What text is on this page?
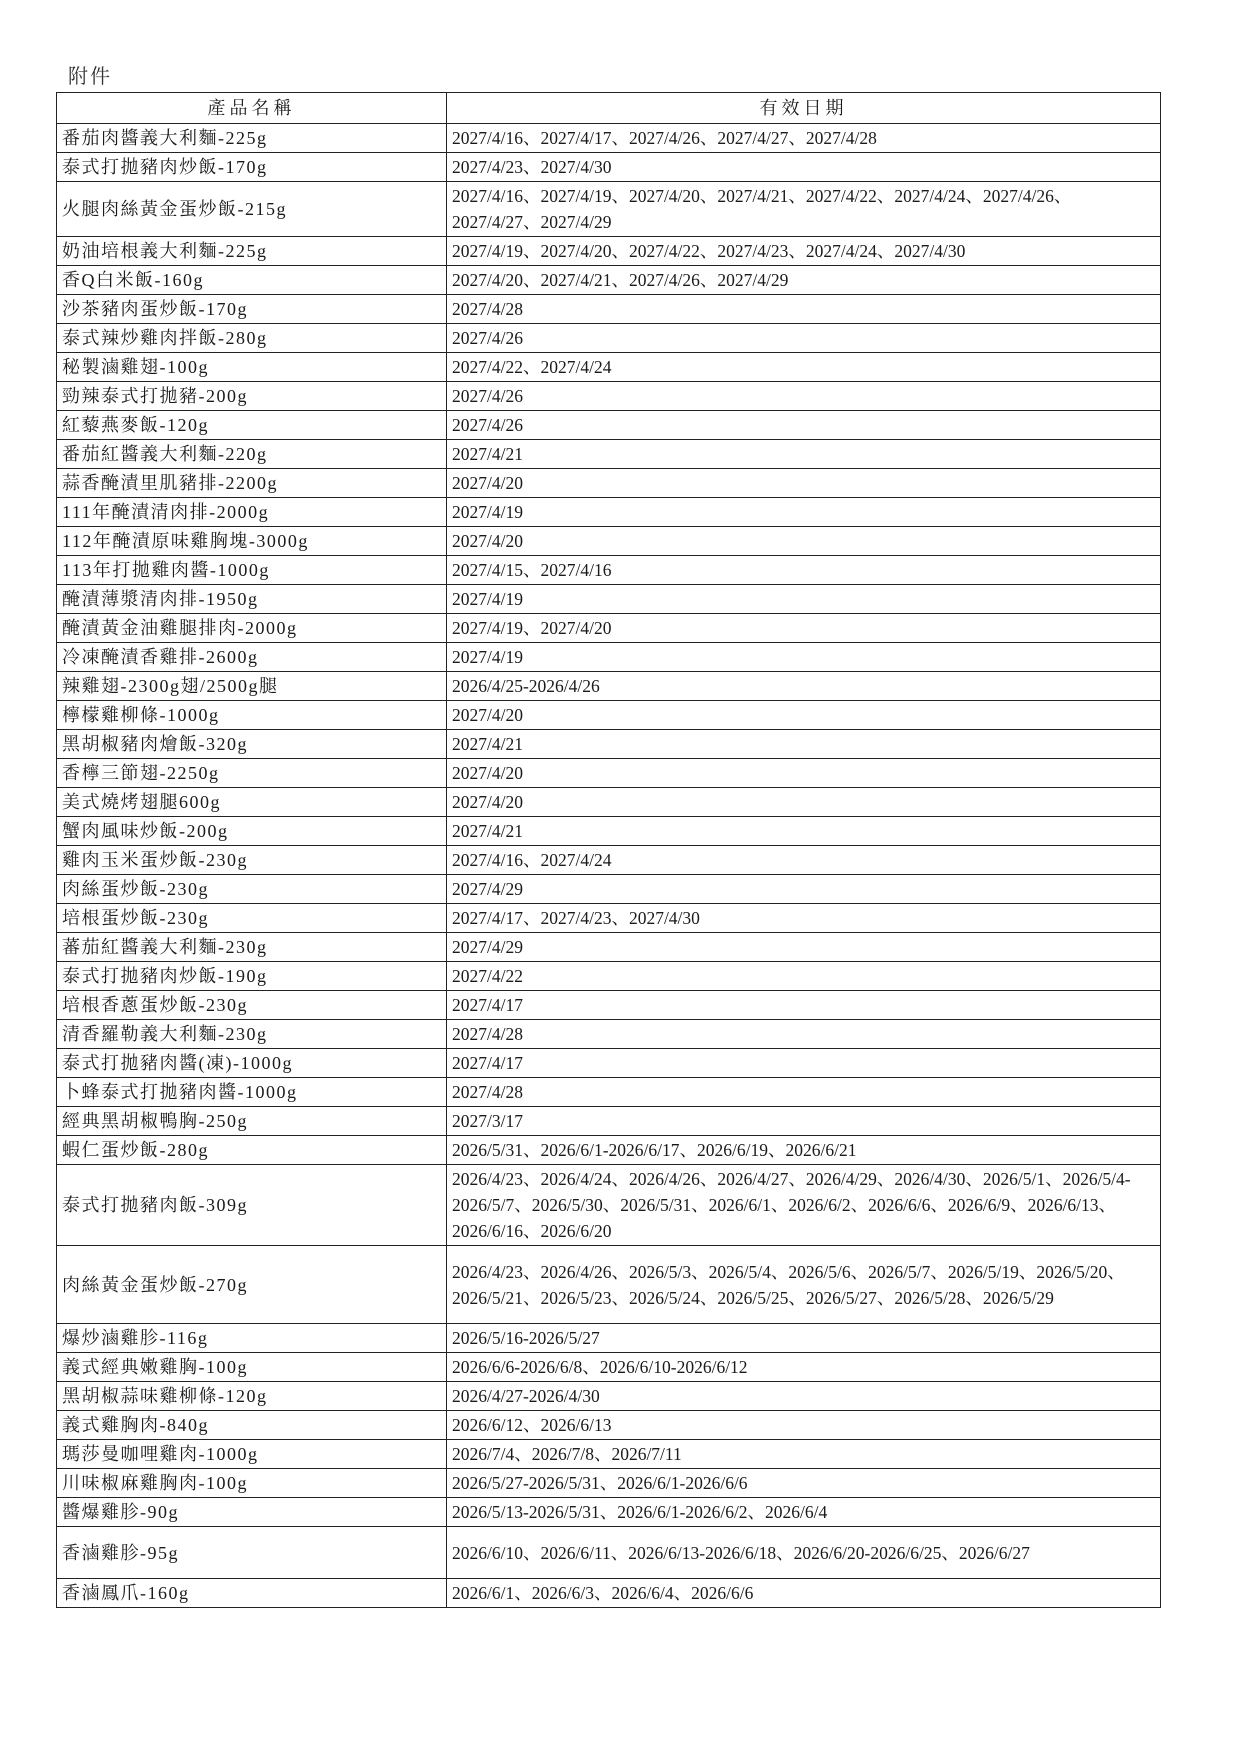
附件
產品名稱	有效日期
番茄肉醬義大利麵-225g	2027/4/16、2027/4/17、2027/4/26、2027/4/27、2027/4/28
泰式打拋豬肉炒飯-170g	2027/4/23、2027/4/30
火腿肉絲黃金蛋炒飯-215g	2027/4/16、2027/4/19、2027/4/20、2027/4/21、2027/4/22、2027/4/24、2027/4/26、2027/4/27、2027/4/29
奶油培根義大利麵-225g	2027/4/19、2027/4/20、2027/4/22、2027/4/23、2027/4/24、2027/4/30
香Q白米飯-160g	2027/4/20、2027/4/21、2027/4/26、2027/4/29
沙茶豬肉蛋炒飯-170g	2027/4/28
泰式辣炒雞肉拌飯-280g	2027/4/26
秘製滷雞翅-100g	2027/4/22、2027/4/24
勁辣泰式打拋豬-200g	2027/4/26
紅藜燕麥飯-120g	2027/4/26
番茄紅醬義大利麵-220g	2027/4/21
蒜香醃漬里肌豬排-2200g	2027/4/20
111年醃漬清肉排-2000g	2027/4/19
112年醃漬原味雞胸塊-3000g	2027/4/20
113年打拋雞肉醬-1000g	2027/4/15、2027/4/16
醃漬薄漿清肉排-1950g	2027/4/19
醃漬黃金油雞腿排肉-2000g	2027/4/19、2027/4/20
冷凍醃漬香雞排-2600g	2027/4/19
辣雞翅-2300g翅/2500g腿	2026/4/25-2026/4/26
檸檬雞柳條-1000g	2027/4/20
黑胡椒豬肉燴飯-320g	2027/4/21
香檸三節翅-2250g	2027/4/20
美式燒烤翅腿600g	2027/4/20
蟹肉風味炒飯-200g	2027/4/21
雞肉玉米蛋炒飯-230g	2027/4/16、2027/4/24
肉絲蛋炒飯-230g	2027/4/29
培根蛋炒飯-230g	2027/4/17、2027/4/23、2027/4/30
蕃茄紅醬義大利麵-230g	2027/4/29
泰式打拋豬肉炒飯-190g	2027/4/22
培根香蔥蛋炒飯-230g	2027/4/17
清香羅勒義大利麵-230g	2027/4/28
泰式打拋豬肉醬(凍)-1000g	2027/4/17
卜蜂泰式打拋豬肉醬-1000g	2027/4/28
經典黑胡椒鴨胸-250g	2027/3/17
蝦仁蛋炒飯-280g	2026/5/31、2026/6/1-2026/6/17、2026/6/19、2026/6/21
泰式打拋豬肉飯-309g	2026/4/23、2026/4/24、2026/4/26、2026/4/27、2026/4/29、2026/4/30、2026/5/1、2026/5/4-2026/5/7、2026/5/30、2026/5/31、2026/6/1、2026/6/2、2026/6/6、2026/6/9、2026/6/13、2026/6/16、2026/6/20
肉絲黃金蛋炒飯-270g	2026/4/23、2026/4/26、2026/5/3、2026/5/4、2026/5/6、2026/5/7、2026/5/19、2026/5/20、2026/5/21、2026/5/23、2026/5/24、2026/5/25、2026/5/27、2026/5/28、2026/5/29
爆炒滷雞胗-116g	2026/5/16-2026/5/27
義式經典嫩雞胸-100g	2026/6/6-2026/6/8、2026/6/10-2026/6/12
黑胡椒蒜味雞柳條-120g	2026/4/27-2026/4/30
義式雞胸肉-840g	2026/6/12、2026/6/13
瑪莎曼咖哩雞肉-1000g	2026/7/4、2026/7/8、2026/7/11
川味椒麻雞胸肉-100g	2026/5/27-2026/5/31、2026/6/1-2026/6/6
醬爆雞胗-90g	2026/5/13-2026/5/31、2026/6/1-2026/6/2、2026/6/4
香滷雞胗-95g	2026/6/10、2026/6/11、2026/6/13-2026/6/18、2026/6/20-2026/6/25、2026/6/27
香滷鳳爪-160g	2026/6/1、2026/6/3、2026/6/4、2026/6/6
